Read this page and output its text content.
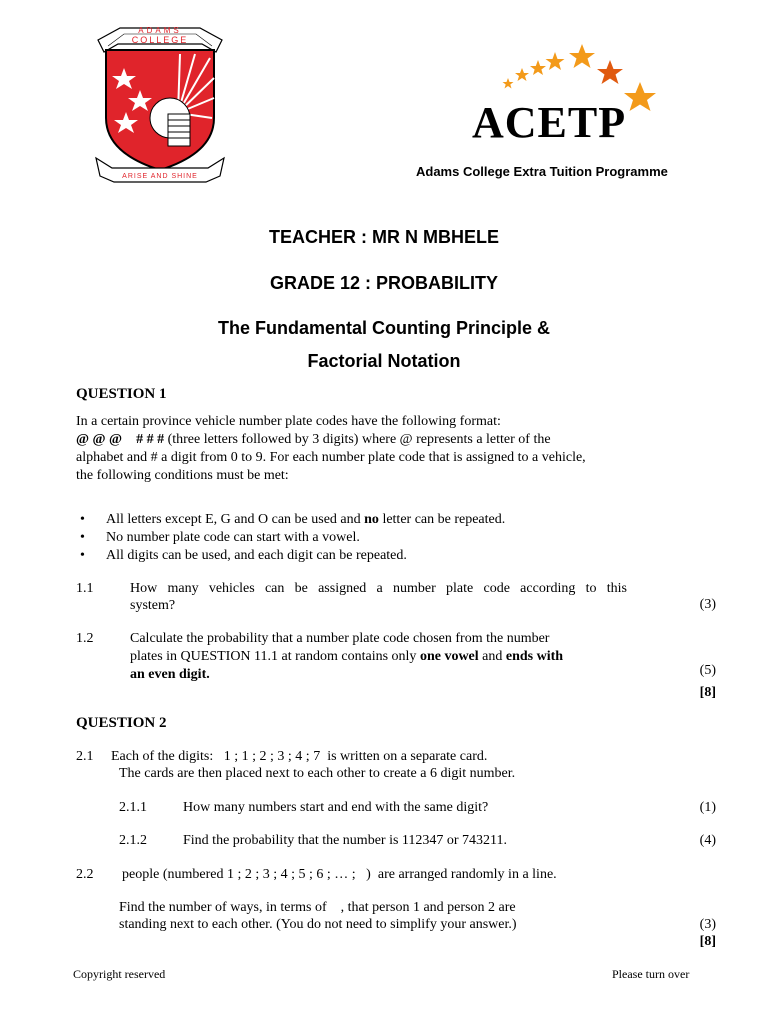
ADAMS
COLLEGE
ARISE AND SHINE
ACETP
Adams College Extra Tuition Programme
TEACHER : MR N MBHELE
GRADE 12 : PROBABILITY
The Fundamental Counting Principle &
Factorial Notation
QUESTION 1
In a certain province vehicle number plate codes have the following format:
@ @ @    # # # (three letters followed by 3 digits) where @ represents a letter of the
alphabet and # a digit from 0 to 9. For each number plate code that is assigned to a vehicle,
the following conditions must be met:
• All letters except E, G and O can be used and no letter can be repeated.
• No number plate code can start with a vowel.
• All digits can be used, and each digit can be repeated.
1.1	How many vehicles can be assigned a number plate code according to this
system?	(3)
1.2	Calculate the probability that a number plate code chosen from the number
plates in QUESTION 11.1 at random contains only one vowel and ends with
an even digit.	(5)
[8]
QUESTION 2
2.1 Each of the digits:   1 ; 1 ; 2 ; 3 ; 4 ; 7  is written on a separate card.
The cards are then placed next to each other to create a 6 digit number.
2.1.1	How many numbers start and end with the same digit?	(1)
2.1.2	Find the probability that the number is 112347 or 743211.	(4)
2.2 people (numbered 1 ; 2 ; 3 ; 4 ; 5 ; 6 ; … ;   )  are arranged randomly in a line.
Find the number of ways, in terms of    , that person 1 and person 2 are
standing next to each other. (You do not need to simplify your answer.)	(3)
[8]
Copyright reserved	Please turn over
